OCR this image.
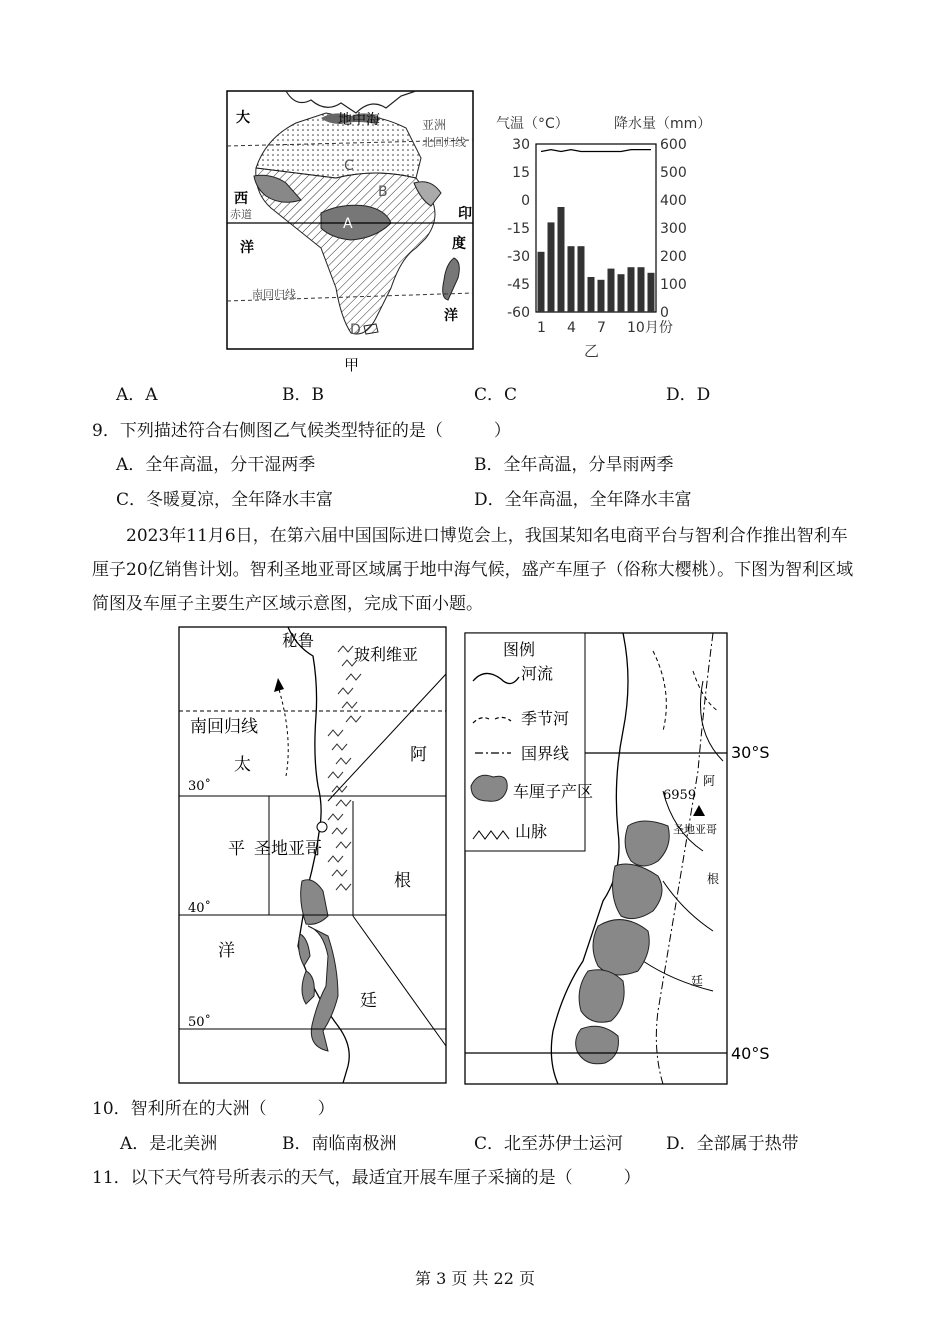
大	地中海	亚洲
北回归线
C
B
西
赤道
A
印
洋	度
南回归线
洋
D
甲
气温（°C）	降水量（mm）
30
15
0
-15
-30
-45
-60
600
500
400
300
200
100
0
1 4 7 10月份
乙
A．A	B．B	C．C	D．D
9．下列描述符合右侧图乙气候类型特征的是（　　　）
A．全年高温，分干湿两季	B．全年高温，分旱雨两季
C．冬暖夏凉，全年降水丰富	D．全年高温，全年降水丰富
2023年11月6日，在第六届中国国际进口博览会上，我国某知名电商平台与智利合作推出智利车厘子20亿销售计划。智利圣地亚哥区域属于地中海气候，盛产车厘子（俗称大樱桃）。下图为智利区域简图及车厘子主要生产区域示意图，完成下面小题。
秘鲁
玻利维亚
南回归线
太	阿
30˚
平 圣地亚哥
根
40˚
洋
廷
50˚
图例
河流
季节河
国界线
车厘子产区
山脉
30°S
40°S
6959
阿
圣地亚哥
根
廷
10．智利所在的大洲（　　　）
A．是北美洲	B．南临南极洲	C．北至苏伊士运河	D．全部属于热带
11．以下天气符号所表示的天气，最适宜开展车厘子采摘的是（　　　）
第 3 页 共 22 页
